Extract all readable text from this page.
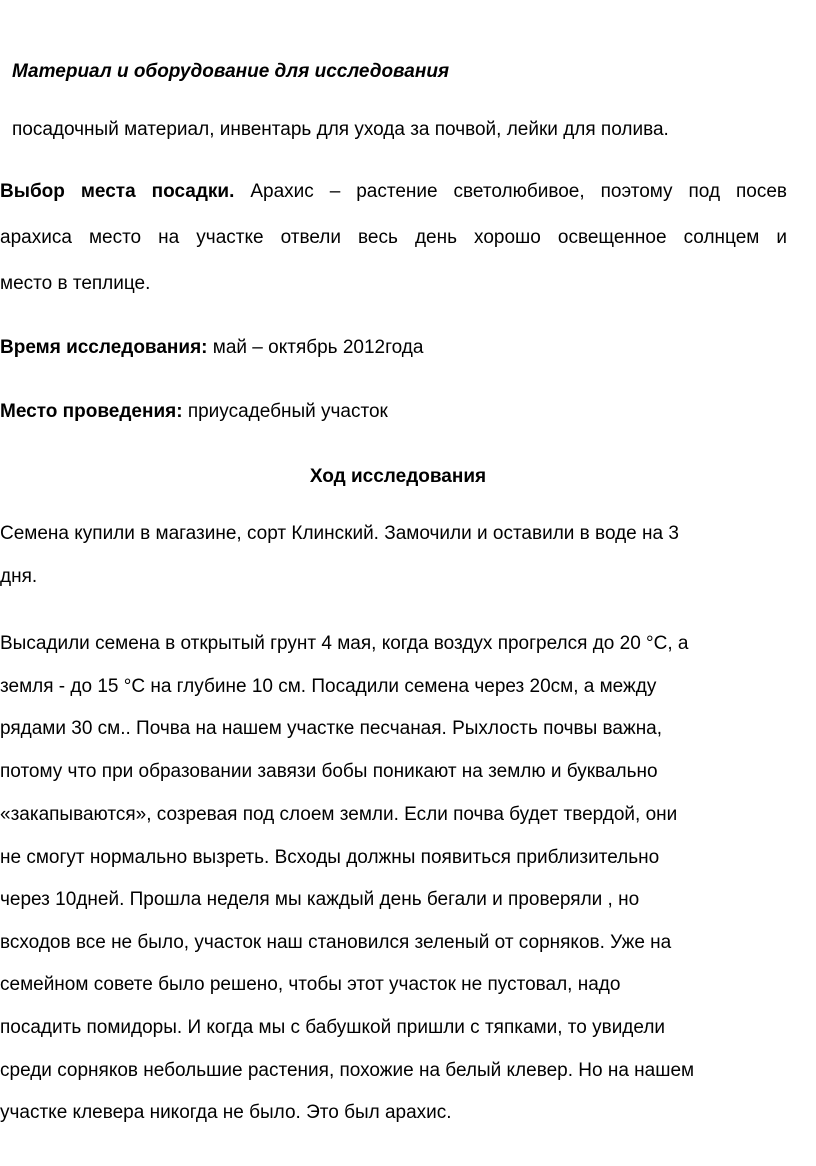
Материал и оборудование для исследования
посадочный материал, инвентарь для ухода за почвой, лейки для полива.
Выбор места посадки. Арахис – растение светолюбивое, поэтому под посев
арахиса место на участке отвели весь день хорошо освещенное солнцем и
место в теплице.
Время исследования: май – октябрь 2012года
Место проведения: приусадебный участок
Ход исследования
Семена купили в магазине, сорт Клинский. Замочили и оставили в воде на 3
дня.
Высадили семена в открытый грунт 4 мая, когда воздух прогрелся до 20 °С, а
земля - до 15 °С на глубине 10 см. Посадили семена через 20см, а между
рядами 30 см.. Почва на нашем участке песчаная. Рыхлость почвы важна,
потому что при образовании завязи бобы поникают на землю и буквально
«закапываются», созревая под слоем земли. Если почва будет твердой, они
не смогут нормально вызреть. Всходы должны появиться приблизительно
через 10дней. Прошла неделя мы каждый день бегали и проверяли , но
всходов все не было, участок наш становился зеленый от сорняков. Уже на
семейном совете было решено, чтобы этот участок не пустовал, надо
посадить помидоры. И когда мы с бабушкой пришли с тяпками, то увидели
среди сорняков небольшие растения, похожие на белый клевер. Но на нашем
участке клевера никогда не было. Это был арахис.
